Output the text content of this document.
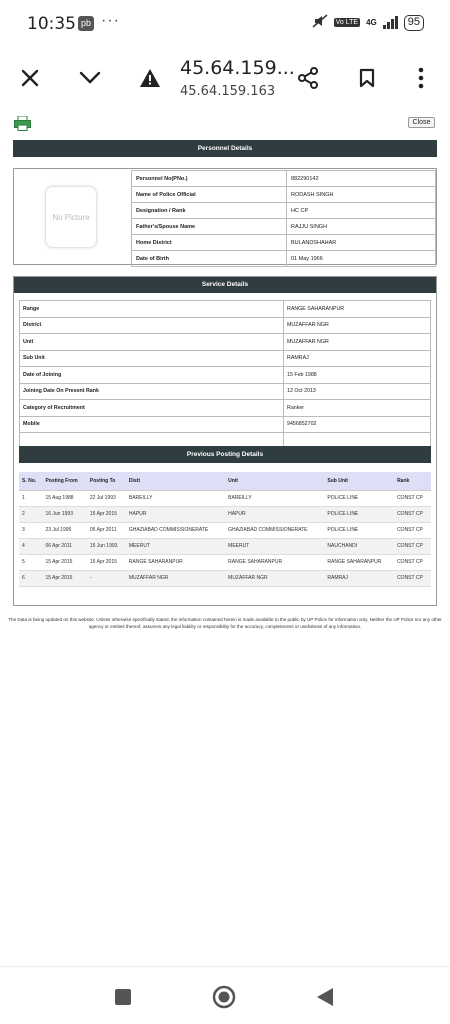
10:35 pb ···	Vo LTE 4G	95
45.64.159...
45.64.159.163
Close
Personnel Details
No Picture
Personnel No(PNo.)	882290142
Name of Police Official	RODASH SINGH
Designation / Rank	HC CP
Father's/Spouse Name	RAJJU SINGH
Home District	BULANDSHAHAR
Date of Birth	01 May 1966
Service Details
Range	RANGE SAHARANPUR
District	MUZAFFAR NGR
Unit	MUZAFFAR NGR
Sub Unit	RAMRAJ
Date of Joining	15 Feb 1988
Joining Date On Present Rank	12 Oct 2013
Category of Recruitment	Ranker
Mobile	9456852702

Previous Posting Details
S. No.	Posting From	Posting To	Distt	Unit	Sub Unit	Rank
1	15 Aug 1988	22 Jul 1993	BAREILLY	BAREILLY	POLICE LINE	CONST CP
2	16 Jun 1993	15 Apr 2015	HAPUR	HAPUR	POLICE LINE	CONST CP
3	23 Jul 1995	05 Apr 2011	GHAZIABAD COMMISSIONERATE	GHAZIABAD COMMISSIONERATE	POLICE LINE	CONST CP
4	06 Apr 2011	15 Jun 1993	MEERUT	MEERUT	NAUCHANDI	CONST CP
5	15 Apr 2015	15 Apr 2015	RANGE SAHARANPUR	RANGE SAHARANPUR	RANGE SAHARANPUR	CONST CP
6	15 Apr 2015	-	MUZAFFAR NGR	MUZAFFAR NGR	RAMRAJ	CONST CP
The Data is being updated on this website. Unless otherwise specifically stated, the information contained herein is made available to the public by UP Police for information only. Neither the UP Police nor any other agency or entities thereof, assumes any legal liability or responsibility for the accuracy, completeness or usefulness of any information.
